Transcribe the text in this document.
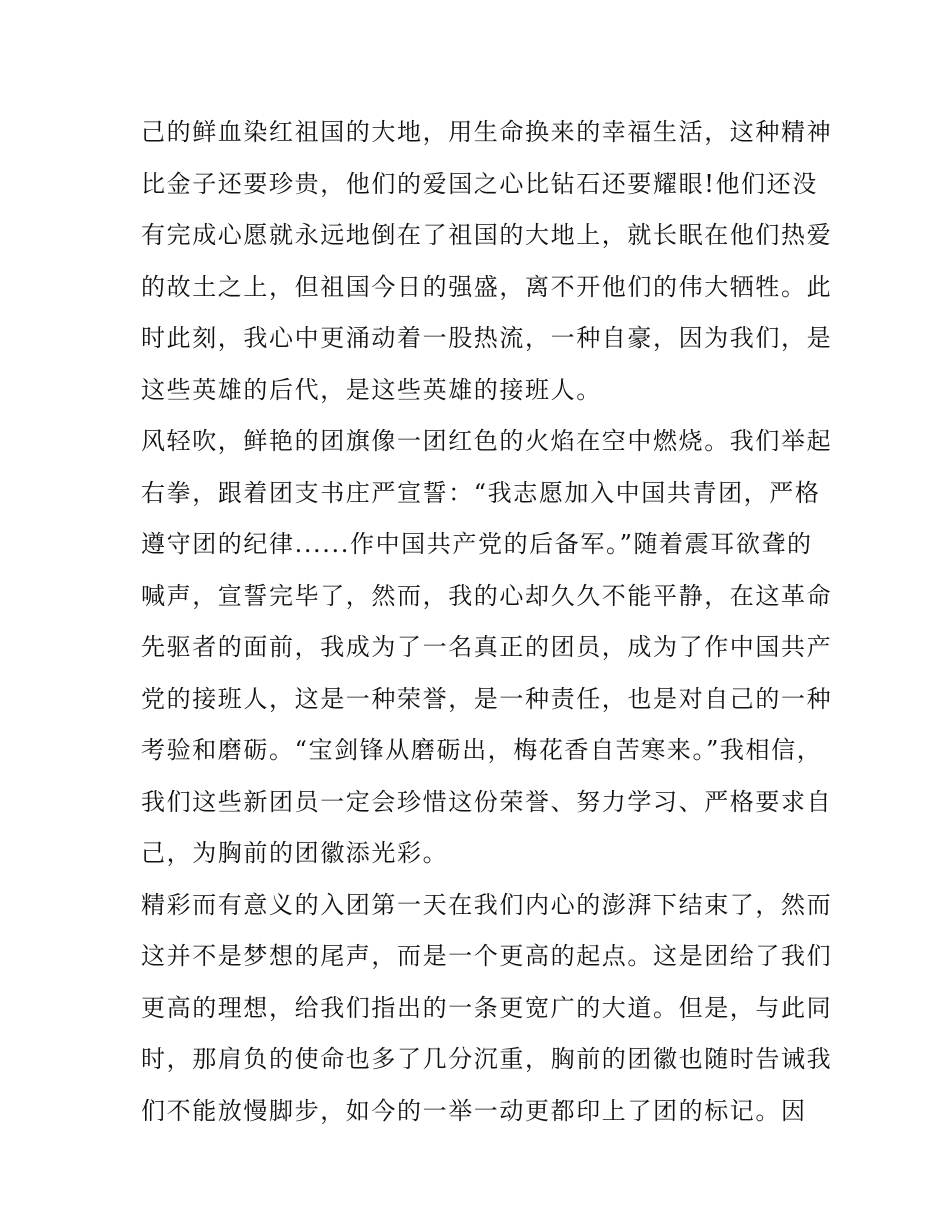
己的鲜血染红祖国的大地，用生命换来的幸福生活，这种精神
比金子还要珍贵，他们的爱国之心比钻石还要耀眼!他们还没
有完成心愿就永远地倒在了祖国的大地上，就长眠在他们热爱
的故土之上，但祖国今日的强盛，离不开他们的伟大牺牲。此
时此刻，我心中更涌动着一股热流，一种自豪，因为我们，是
这些英雄的后代，是这些英雄的接班人。
风轻吹，鲜艳的团旗像一团红色的火焰在空中燃烧。我们举起
右拳，跟着团支书庄严宣誓：“我志愿加入中国共青团，严格
遵守团的纪律......作中国共产党的后备军。”随着震耳欲聋的
喊声，宣誓完毕了，然而，我的心却久久不能平静，在这革命
先驱者的面前，我成为了一名真正的团员，成为了作中国共产
党的接班人，这是一种荣誉，是一种责任，也是对自己的一种
考验和磨砺。“宝剑锋从磨砺出，梅花香自苦寒来。”我相信，
我们这些新团员一定会珍惜这份荣誉、努力学习、严格要求自
己，为胸前的团徽添光彩。
精彩而有意义的入团第一天在我们内心的澎湃下结束了，然而
这并不是梦想的尾声，而是一个更高的起点。这是团给了我们
更高的理想，给我们指出的一条更宽广的大道。但是，与此同
时，那肩负的使命也多了几分沉重，胸前的团徽也随时告诫我
们不能放慢脚步，如今的一举一动更都印上了团的标记。因
